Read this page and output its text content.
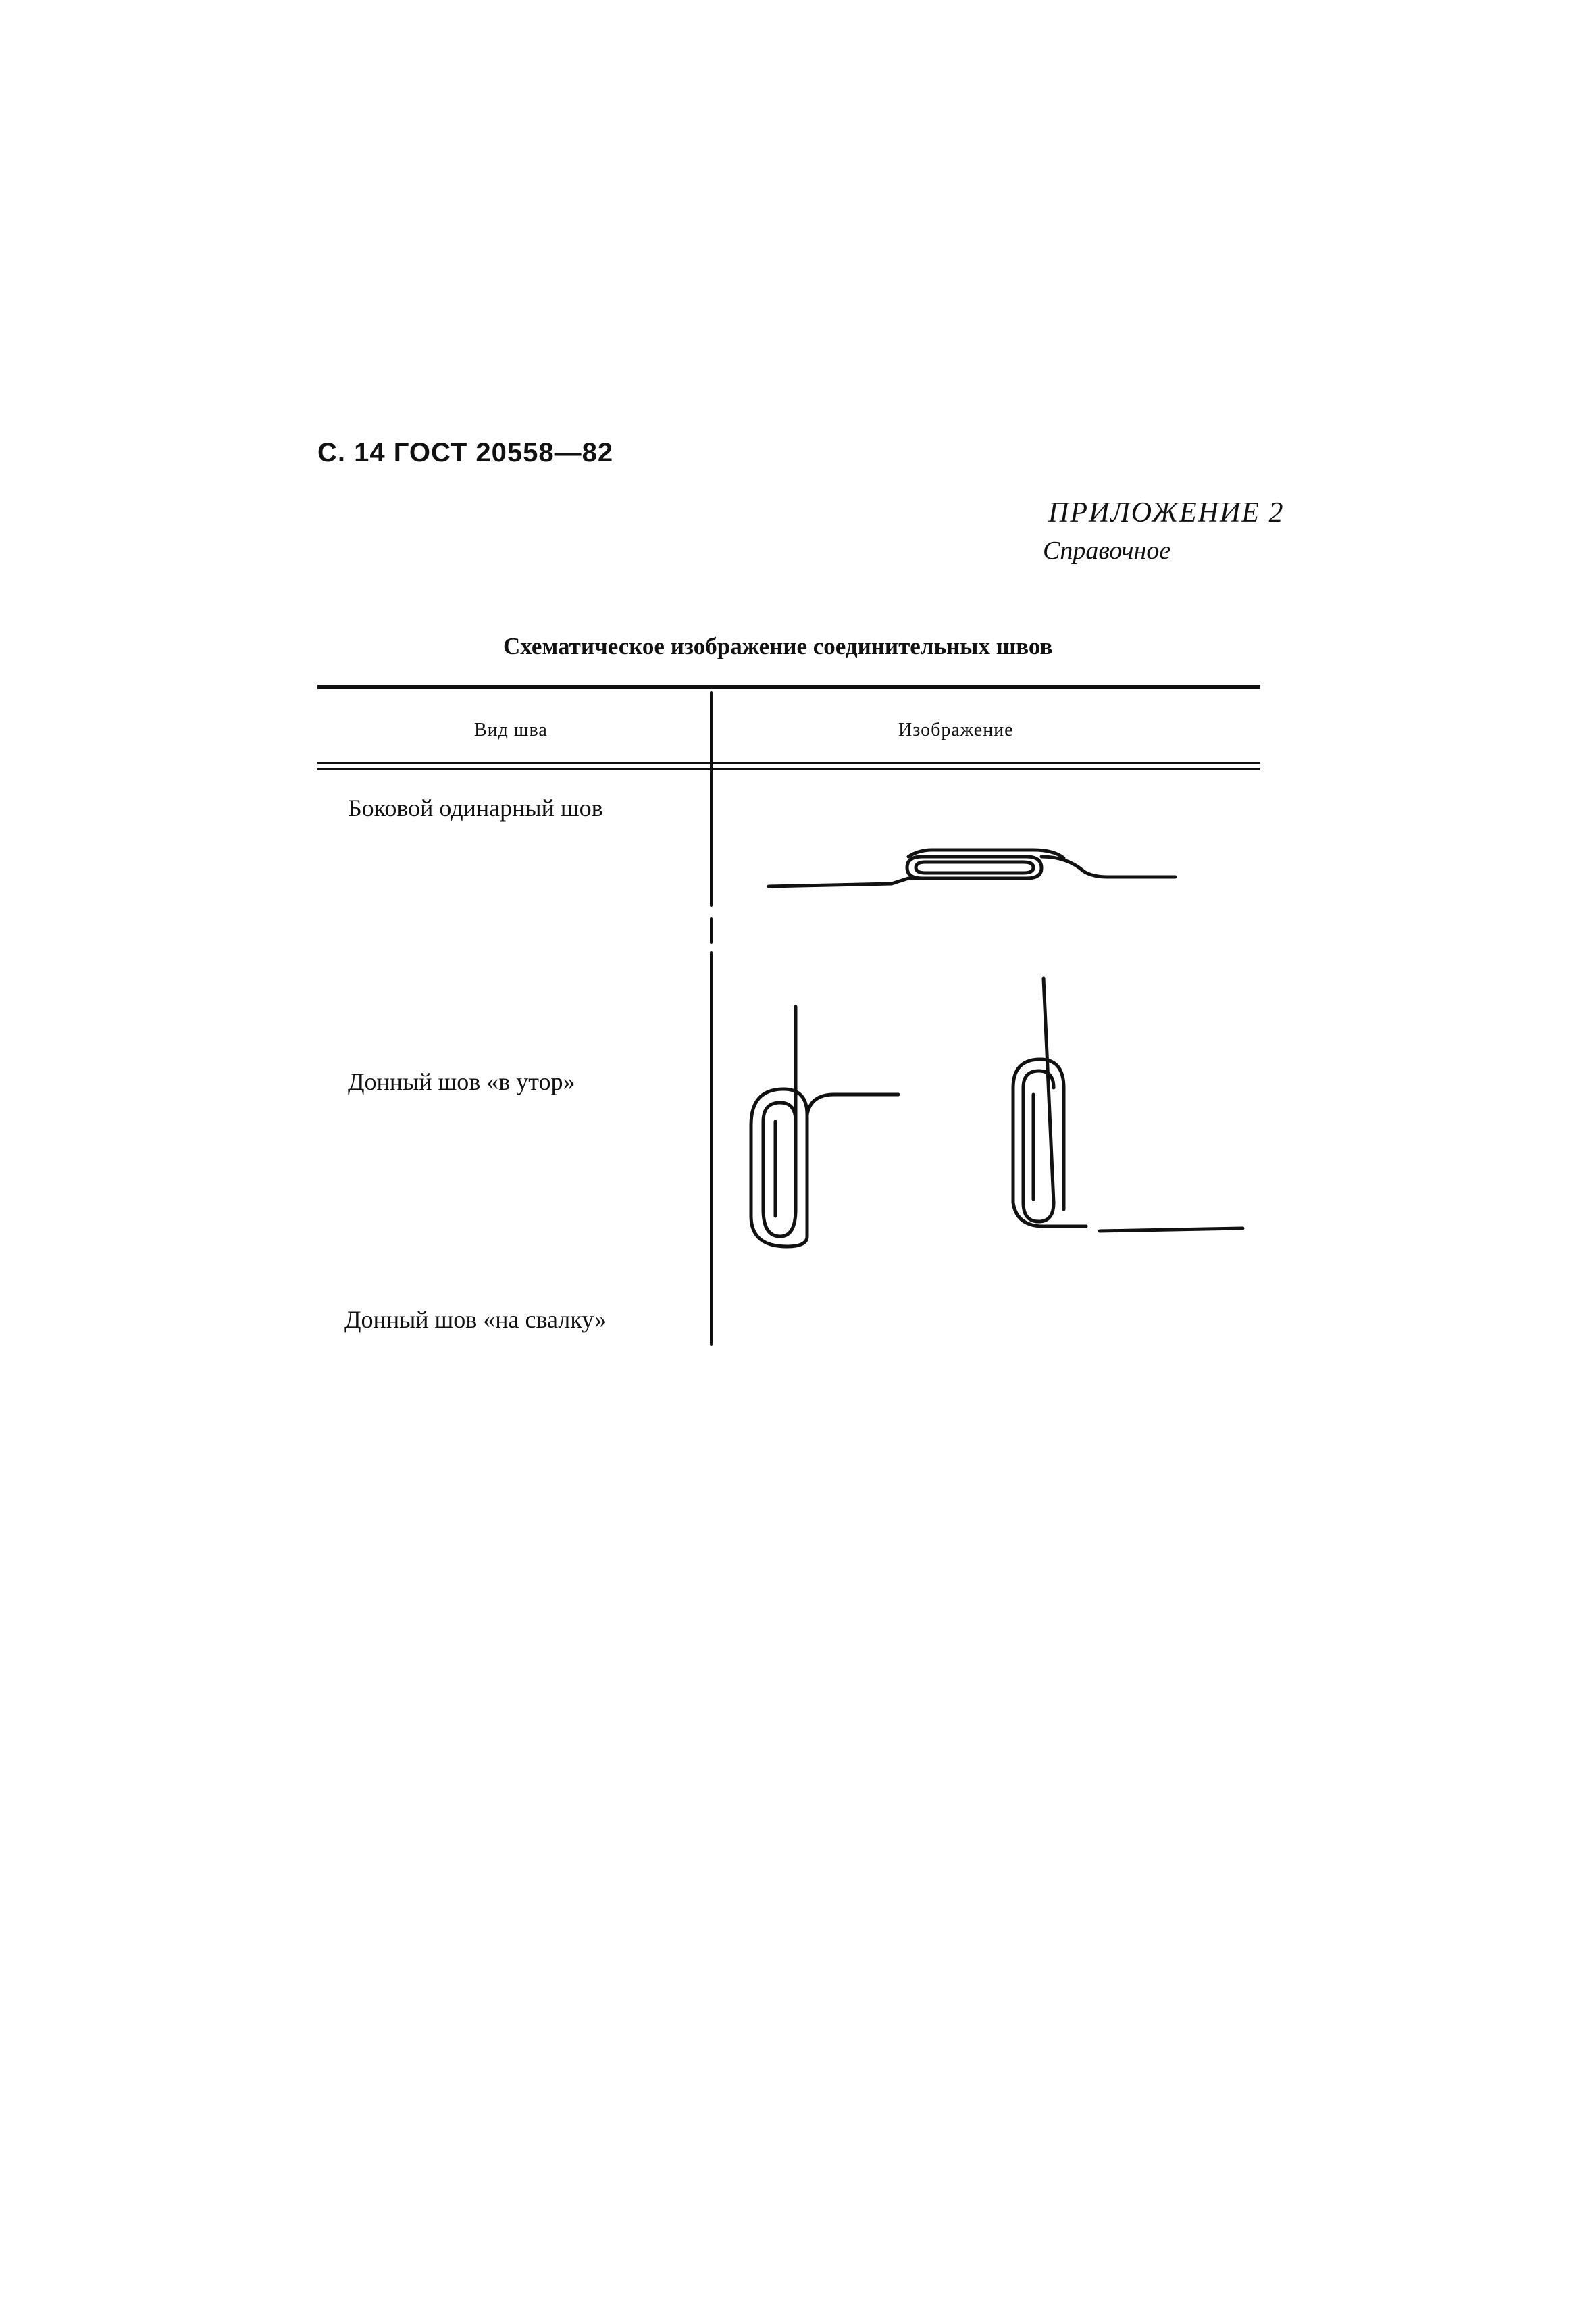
С. 14 ГОСТ 20558—82
ПРИЛОЖЕНИЕ 2
Справочное
Схематическое изображение соединительных швов
Вид шва	Изображение
Боковой одинарный шов
Донный шов «в утор»
Донный шов «на свалку»
